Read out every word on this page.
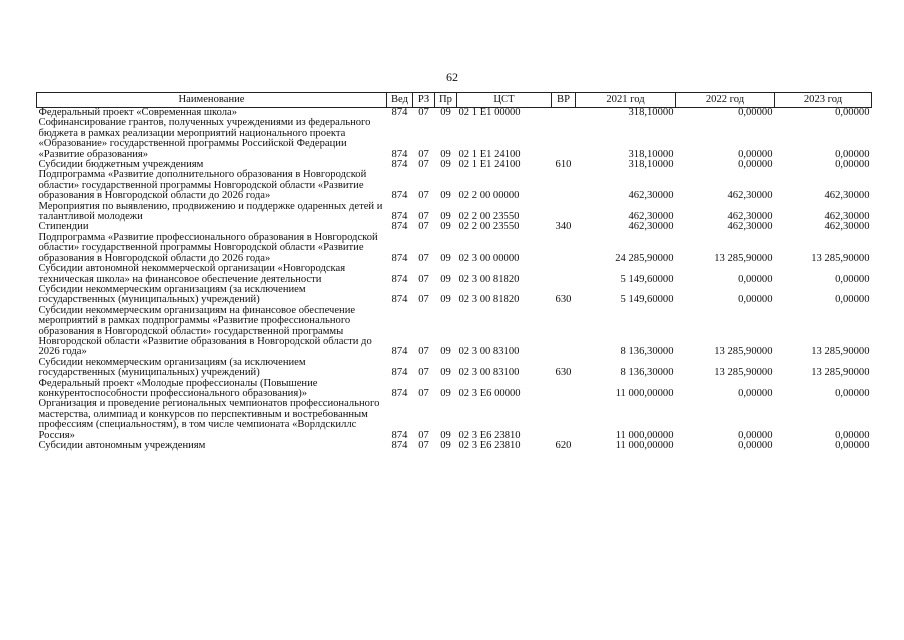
62
Наименование	Вед	РЗ	Пр	ЦСТ	ВР	2021 год	2022 год	2023 год
Федеральный проект «Современная школа»	874	07	09	02 1 E1 00000		318,10000	0,00000	0,00000
Софинансирование грантов, полученных учреждениями из федерального бюджета в рамках реализации мероприятий национального проекта «Образование» государственной программы Российской Федерации «Развитие образования»	874	07	09	02 1 E1 24100		318,10000	0,00000	0,00000
Субсидии бюджетным учреждениям	874	07	09	02 1 E1 24100	610	318,10000	0,00000	0,00000
Подпрограмма «Развитие дополнительного образования в Новгородской области» государственной программы Новгородской области «Развитие образования в Новгородской области до 2026 года»	874	07	09	02 2 00 00000		462,30000	462,30000	462,30000
Мероприятия по выявлению, продвижению и поддержке одаренных детей и талантливой молодежи	874	07	09	02 2 00 23550		462,30000	462,30000	462,30000
Стипендии	874	07	09	02 2 00 23550	340	462,30000	462,30000	462,30000
Подпрограмма «Развитие профессионального образования в Новгородской области» государственной программы Новгородской области «Развитие образования в Новгородской области до 2026 года»	874	07	09	02 3 00 00000		24 285,90000	13 285,90000	13 285,90000
Субсидии автономной некоммерческой организации «Новгородская техническая школа» на финансовое обеспечение деятельности	874	07	09	02 3 00 81820		5 149,60000	0,00000	0,00000
Субсидии некоммерческим организациям (за исключением государственных (муниципальных) учреждений)	874	07	09	02 3 00 81820	630	5 149,60000	0,00000	0,00000
Субсидии некоммерческим организациям на финансовое обеспечение мероприятий в рамках подпрограммы «Развитие профессионального образования в Новгородской области» государственной программы Новгородской области «Развитие образования в Новгородской области до 2026 года»	874	07	09	02 3 00 83100		8 136,30000	13 285,90000	13 285,90000
Субсидии некоммерческим организациям (за исключением государственных (муниципальных) учреждений)	874	07	09	02 3 00 83100	630	8 136,30000	13 285,90000	13 285,90000
Федеральный проект «Молодые профессионалы (Повышение конкурентоспособности профессионального образования)»	874	07	09	02 3 E6 00000		11 000,00000	0,00000	0,00000
Организация и проведение региональных чемпионатов профессионального мастерства, олимпиад и конкурсов по перспективным и востребованным профессиям (специальностям), в том числе чемпионата «Ворлдскиллс Россия»	874	07	09	02 3 E6 23810		11 000,00000	0,00000	0,00000
Субсидии автономным учреждениям	874	07	09	02 3 E6 23810	620	11 000,00000	0,00000	0,00000
